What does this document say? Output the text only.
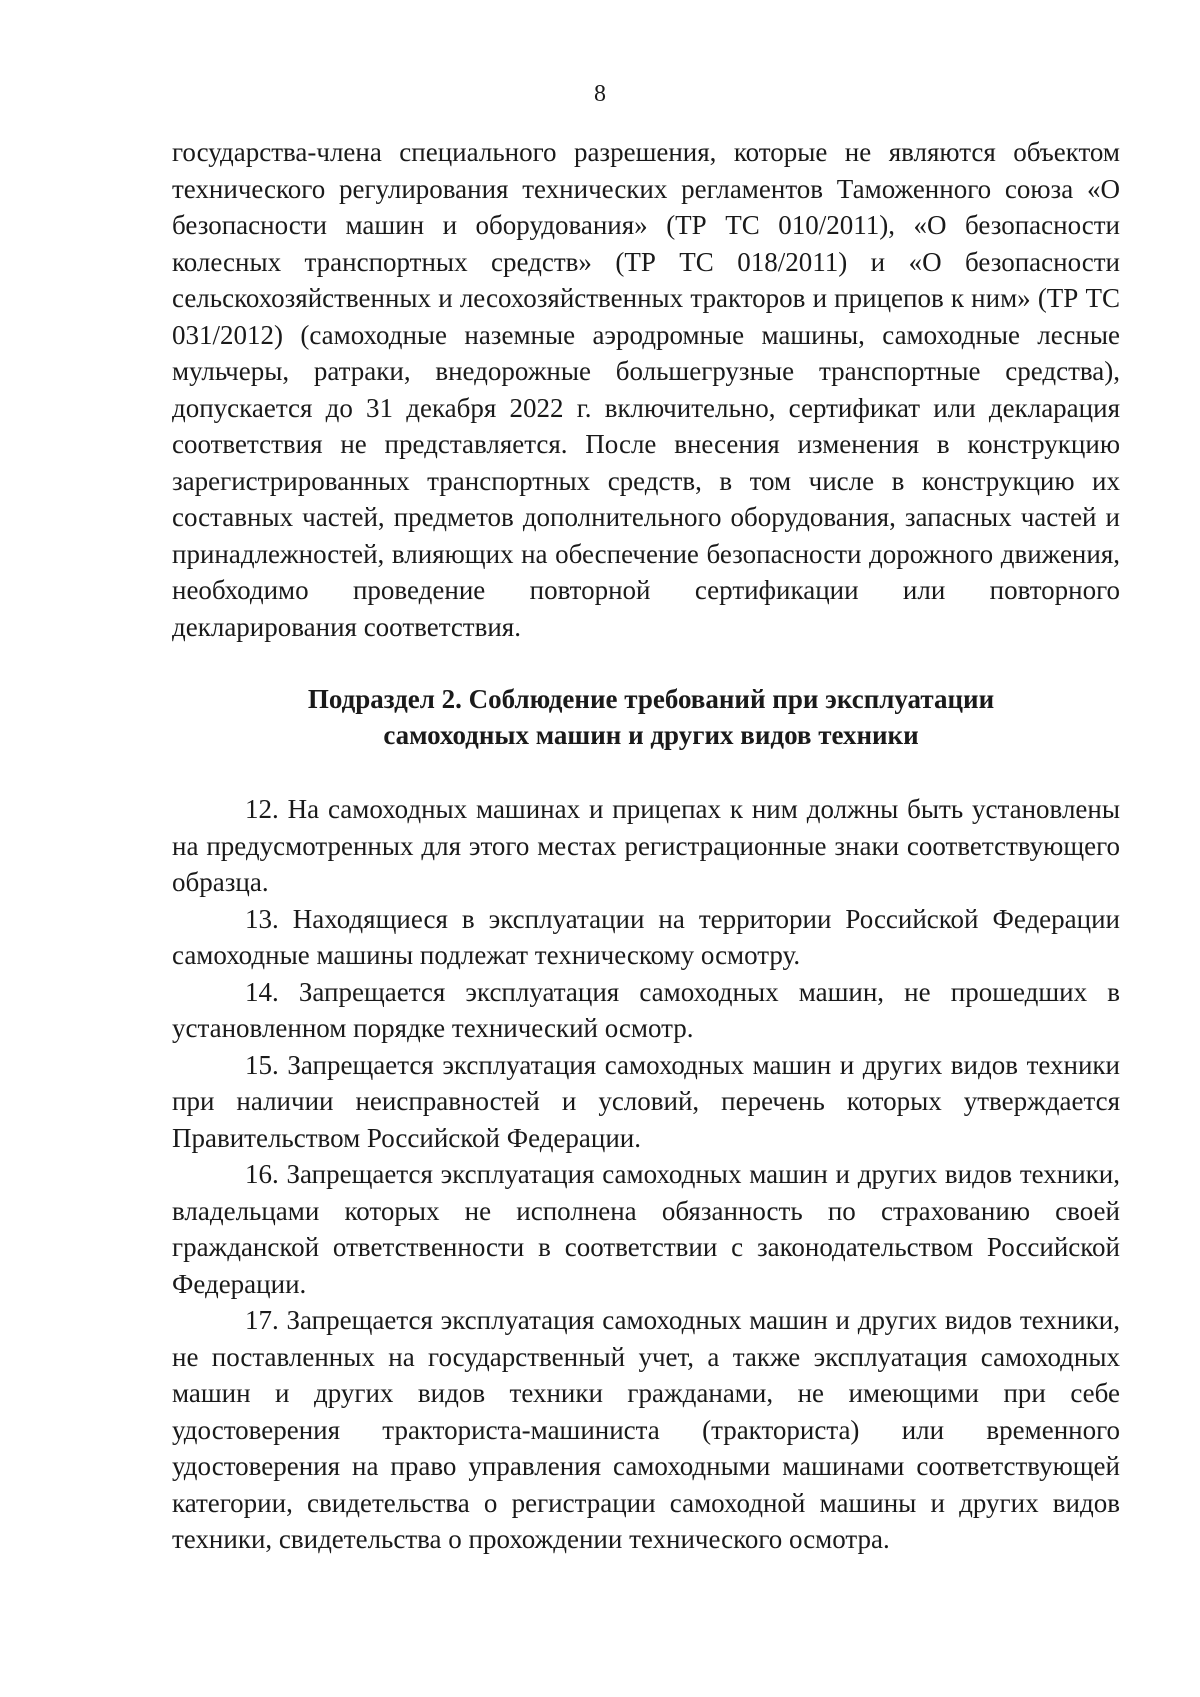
8

государства-члена специального разрешения, которые не являются объектом технического регулирования технических регламентов Таможенного союза «О безопасности машин и оборудования» (ТР ТС 010/2011), «О безопасности колесных транспортных средств» (ТР ТС 018/2011) и «О безопасности сельскохозяйственных и лесохозяйственных тракторов и прицепов к ним» (ТР ТС 031/2012) (самоходные наземные аэродромные машины, самоходные лесные мульчеры, ратраки, внедорожные большегрузные транспортные средства), допускается до 31 декабря 2022 г. включительно, сертификат или декларация соответствия не представляется. После внесения изменения в конструкцию зарегистрированных транспортных средств, в том числе в конструкцию их составных частей, предметов дополнительного оборудования, запасных частей и принадлежностей, влияющих на обеспечение безопасности дорожного движения, необходимо проведение повторной сертификации или повторного декларирования соответствия.

Подраздел 2. Соблюдение требований при эксплуатации
самоходных машин и других видов техники

12. На самоходных машинах и прицепах к ним должны быть установлены на предусмотренных для этого местах регистрационные знаки соответствующего образца.

13. Находящиеся в эксплуатации на территории Российской Федерации самоходные машины подлежат техническому осмотру.

14. Запрещается эксплуатация самоходных машин, не прошедших в установленном порядке технический осмотр.

15. Запрещается эксплуатация самоходных машин и других видов техники при наличии неисправностей и условий, перечень которых утверждается Правительством Российской Федерации.

16. Запрещается эксплуатация самоходных машин и других видов техники, владельцами которых не исполнена обязанность по страхованию своей гражданской ответственности в соответствии с законодательством Российской Федерации.

17. Запрещается эксплуатация самоходных машин и других видов техники, не поставленных на государственный учет, а также эксплуатация самоходных машин и других видов техники гражданами, не имеющими при себе удостоверения тракториста-машиниста (тракториста) или временного удостоверения на право управления самоходными машинами соответствующей категории, свидетельства о регистрации самоходной машины и других видов техники, свидетельства о прохождении технического осмотра.
